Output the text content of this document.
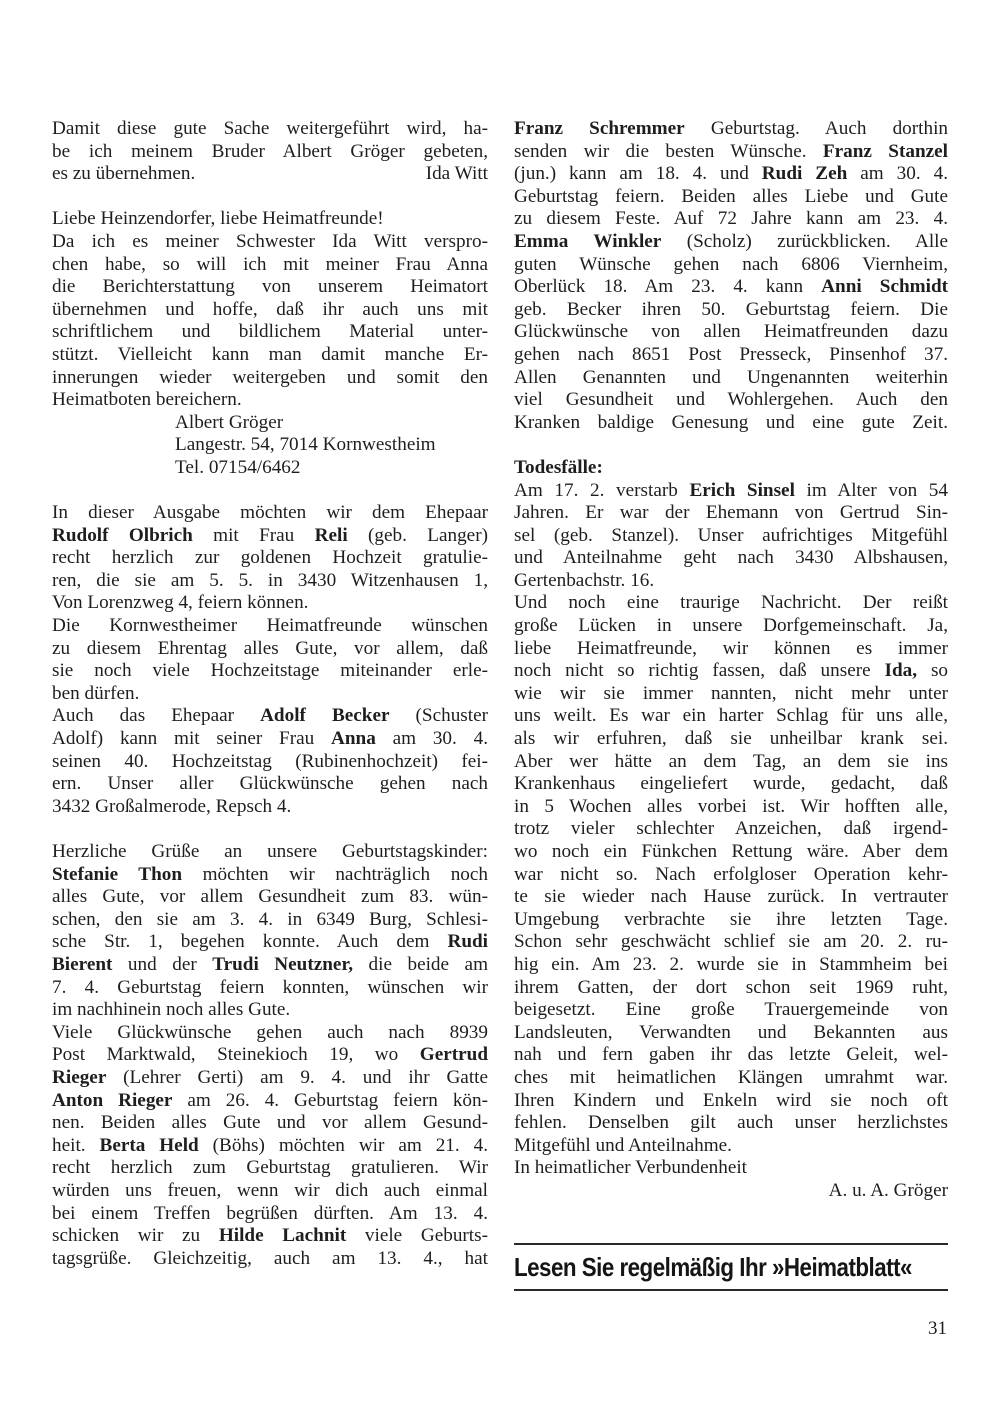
Damit diese gute Sache weitergeführt wird, ha-
be ich meinem Bruder Albert Gröger gebeten,
es zu übernehmen.	Ida Witt
Liebe Heinzendorfer, liebe Heimatfreunde!
Da ich es meiner Schwester Ida Witt verspro-
chen habe, so will ich mit meiner Frau Anna
die Berichterstattung von unserem Heimatort
übernehmen und hoffe, daß ihr auch uns mit
schriftlichem und bildlichem Material unter-
stützt. Vielleicht kann man damit manche Er-
innerungen wieder weitergeben und somit den
Heimatboten bereichern.
Albert Gröger
Langestr. 54, 7014 Kornwestheim
Tel. 07154/6462
In dieser Ausgabe möchten wir dem Ehepaar
Rudolf Olbrich mit Frau Reli (geb. Langer)
recht herzlich zur goldenen Hochzeit gratulie-
ren, die sie am 5. 5. in 3430 Witzenhausen 1,
Von Lorenzweg 4, feiern können.
Die Kornwestheimer Heimatfreunde wünschen
zu diesem Ehrentag alles Gute, vor allem, daß
sie noch viele Hochzeitstage miteinander erle-
ben dürfen.
Auch das Ehepaar Adolf Becker (Schuster
Adolf) kann mit seiner Frau Anna am 30. 4.
seinen 40. Hochzeitstag (Rubinenhochzeit) fei-
ern. Unser aller Glückwünsche gehen nach
3432 Großalmerode, Repsch 4.
Herzliche Grüße an unsere Geburtstagskinder:
Stefanie Thon möchten wir nachträglich noch
alles Gute, vor allem Gesundheit zum 83. wün-
schen, den sie am 3. 4. in 6349 Burg, Schlesi-
sche Str. 1, begehen konnte. Auch dem Rudi
Bierent und der Trudi Neutzner, die beide am
7. 4. Geburtstag feiern konnten, wünschen wir
im nachhinein noch alles Gute.
Viele Glückwünsche gehen auch nach 8939
Post Marktwald, Steinekioch 19, wo Gertrud
Rieger (Lehrer Gerti) am 9. 4. und ihr Gatte
Anton Rieger am 26. 4. Geburtstag feiern kön-
nen. Beiden alles Gute und vor allem Gesund-
heit. Berta Held (Böhs) möchten wir am 21. 4.
recht herzlich zum Geburtstag gratulieren. Wir
würden uns freuen, wenn wir dich auch einmal
bei einem Treffen begrüßen dürften. Am 13. 4.
schicken wir zu Hilde Lachnit viele Geburts-
tagsgrüße. Gleichzeitig, auch am 13. 4., hat
Franz Schremmer Geburtstag. Auch dorthin
senden wir die besten Wünsche. Franz Stanzel
(jun.) kann am 18. 4. und Rudi Zeh am 30. 4.
Geburtstag feiern. Beiden alles Liebe und Gute
zu diesem Feste. Auf 72 Jahre kann am 23. 4.
Emma Winkler (Scholz) zurückblicken. Alle
guten Wünsche gehen nach 6806 Viernheim,
Oberlück 18. Am 23. 4. kann Anni Schmidt
geb. Becker ihren 50. Geburtstag feiern. Die
Glückwünsche von allen Heimatfreunden dazu
gehen nach 8651 Post Presseck, Pinsenhof 37.
Allen Genannten und Ungenannten weiterhin
viel Gesundheit und Wohlergehen. Auch den
Kranken baldige Genesung und eine gute Zeit.
Todesfälle:
Am 17. 2. verstarb Erich Sinsel im Alter von 54
Jahren. Er war der Ehemann von Gertrud Sin-
sel (geb. Stanzel). Unser aufrichtiges Mitgefühl
und Anteilnahme geht nach 3430 Albshausen,
Gertenbachstr. 16.
Und noch eine traurige Nachricht. Der reißt
große Lücken in unsere Dorfgemeinschaft. Ja,
liebe Heimatfreunde, wir können es immer
noch nicht so richtig fassen, daß unsere Ida, so
wie wir sie immer nannten, nicht mehr unter
uns weilt. Es war ein harter Schlag für uns alle,
als wir erfuhren, daß sie unheilbar krank sei.
Aber wer hätte an dem Tag, an dem sie ins
Krankenhaus eingeliefert wurde, gedacht, daß
in 5 Wochen alles vorbei ist. Wir hofften alle,
trotz vieler schlechter Anzeichen, daß irgend-
wo noch ein Fünkchen Rettung wäre. Aber dem
war nicht so. Nach erfolgloser Operation kehr-
te sie wieder nach Hause zurück. In vertrauter
Umgebung verbrachte sie ihre letzten Tage.
Schon sehr geschwächt schlief sie am 20. 2. ru-
hig ein. Am 23. 2. wurde sie in Stammheim bei
ihrem Gatten, der dort schon seit 1969 ruht,
beigesetzt. Eine große Trauergemeinde von
Landsleuten, Verwandten und Bekannten aus
nah und fern gaben ihr das letzte Geleit, wel-
ches mit heimatlichen Klängen umrahmt war.
Ihren Kindern und Enkeln wird sie noch oft
fehlen. Denselben gilt auch unser herzlichstes
Mitgefühl und Anteilnahme.
In heimatlicher Verbundenheit
A. u. A. Gröger
Lesen Sie regelmäßig Ihr »Heimatblatt«
31
